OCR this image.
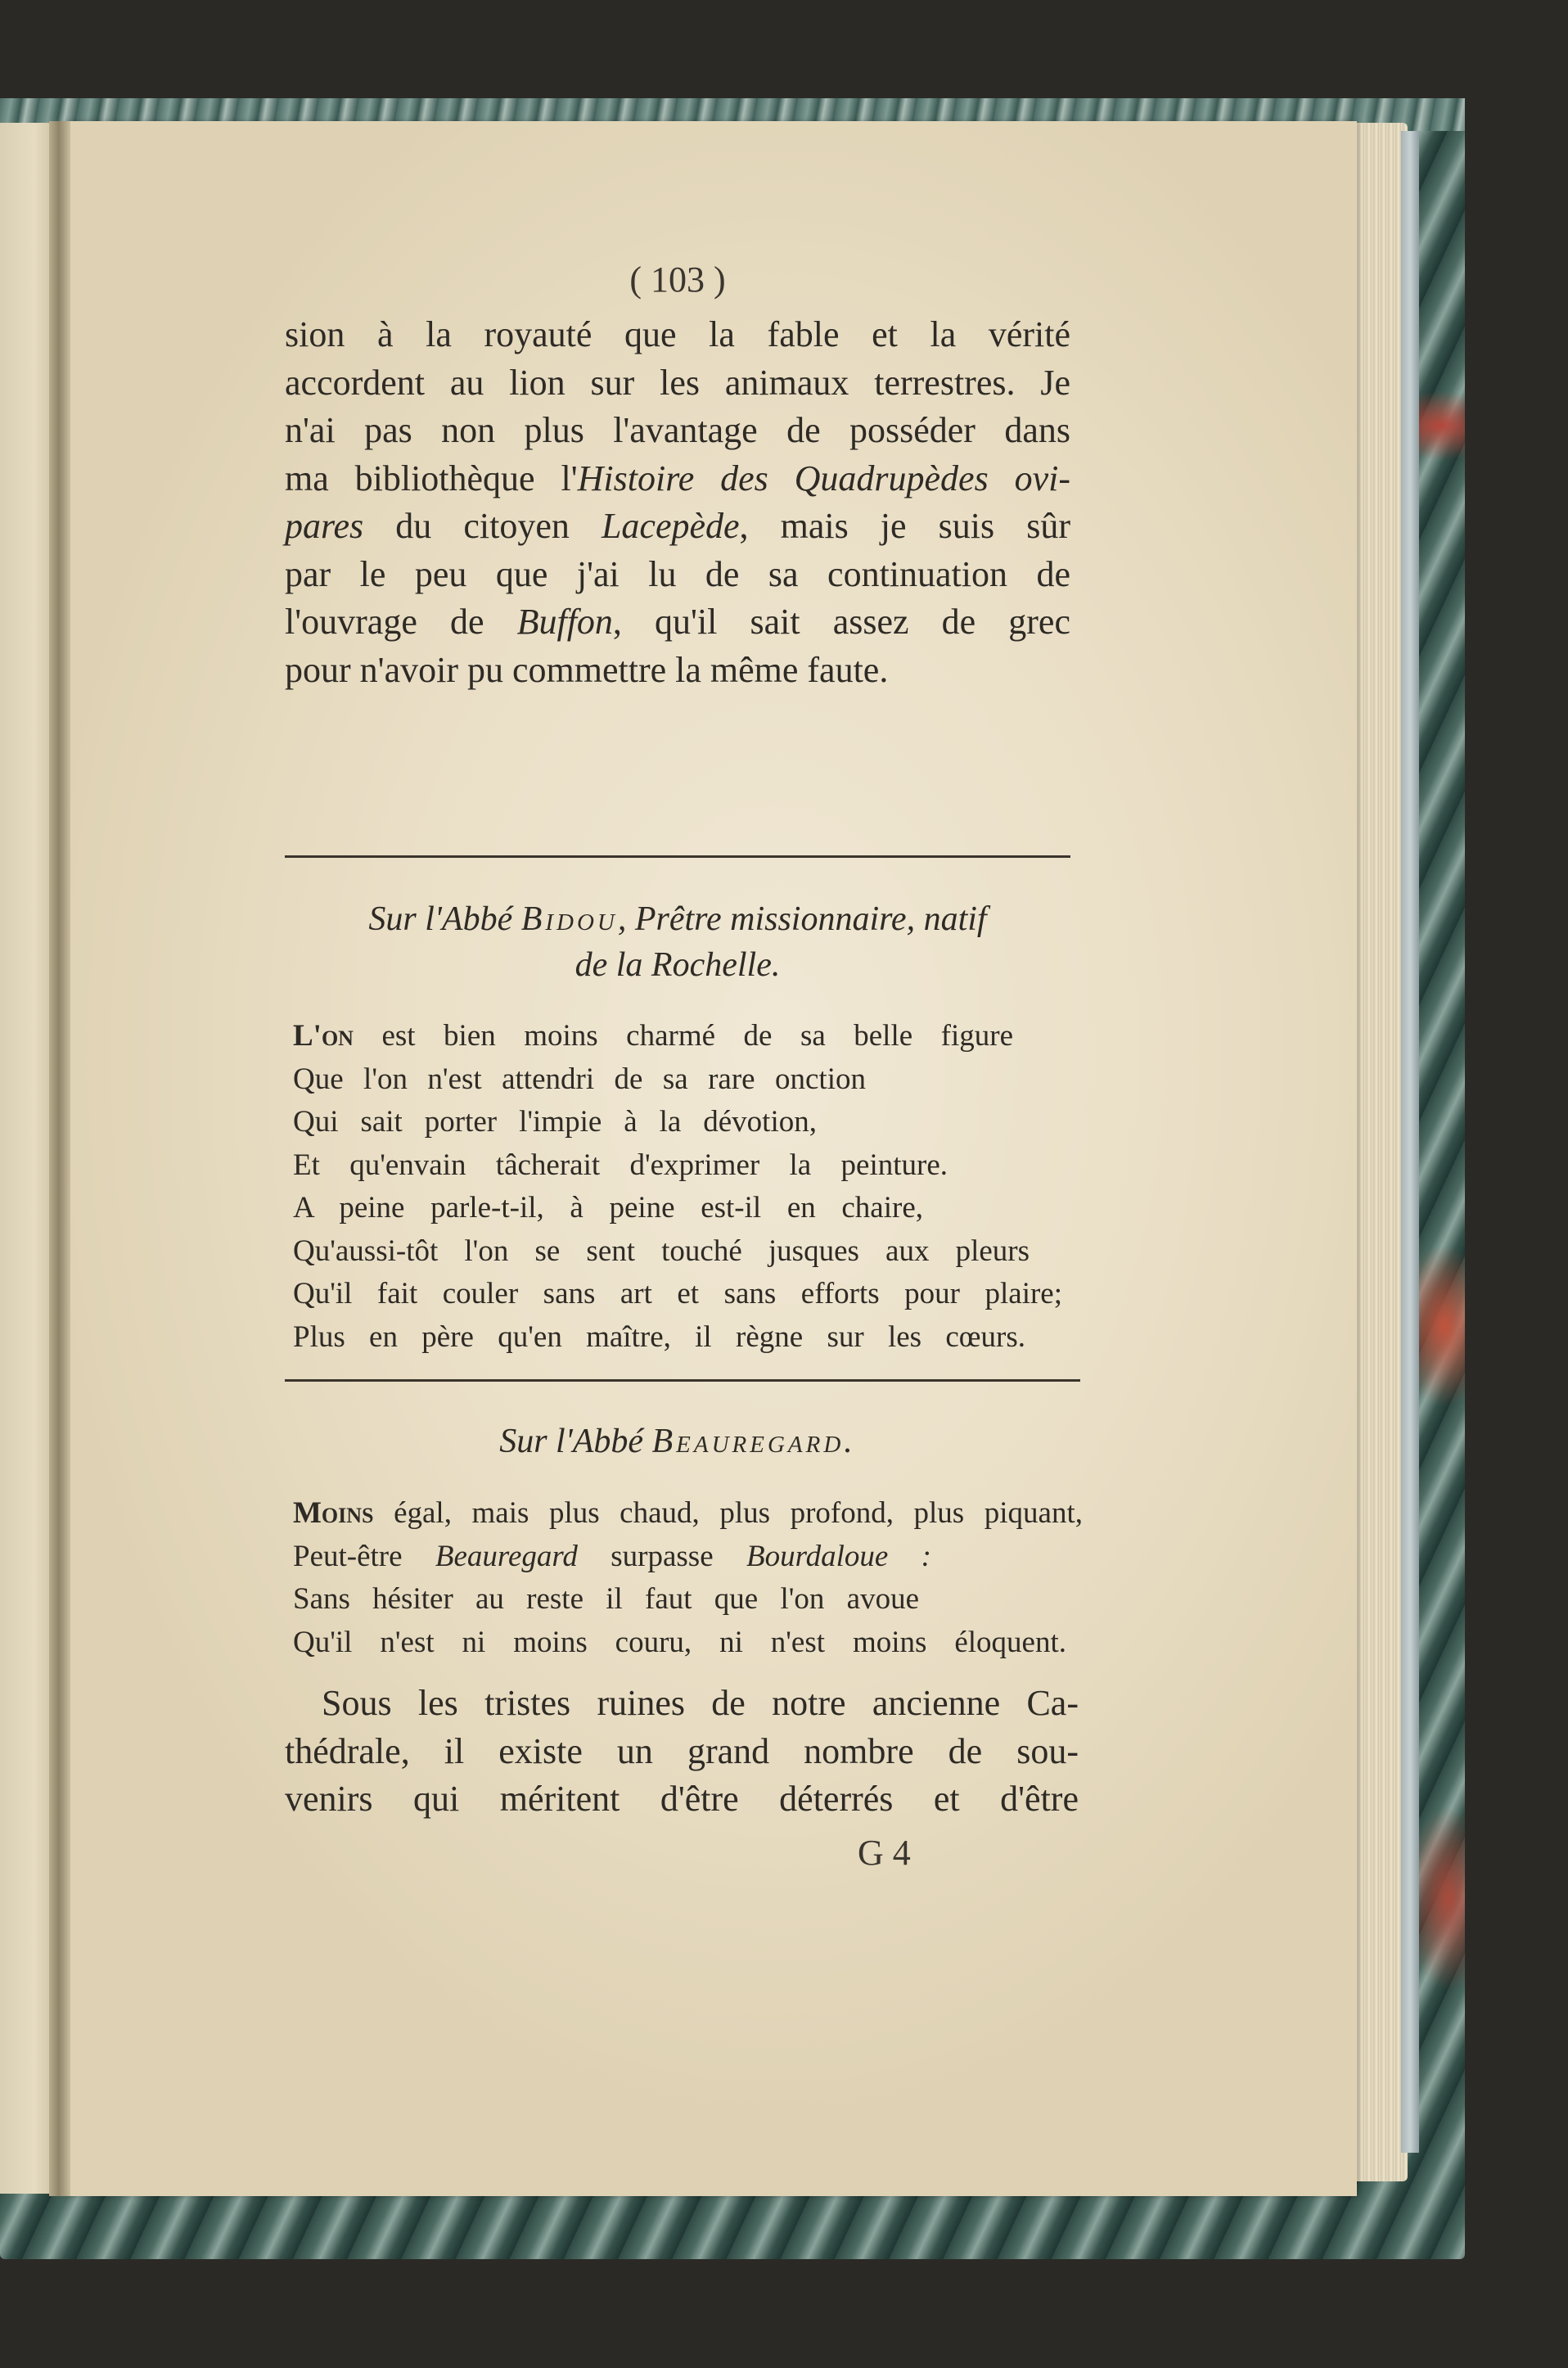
( 103 )
sion à la royauté que la fable et la vérité
accordent au lion sur les animaux terrestres. Je
n'ai pas non plus l'avantage de posséder dans
ma bibliothèque l'Histoire des Quadrupèdes ovi-
pares du citoyen Lacepède, mais je suis sûr
par le peu que j'ai lu de sa continuation de
l'ouvrage de Buffon, qu'il sait assez de grec
pour n'avoir pu commettre la même faute.
Sur l'Abbé Bidou, Prêtre missionnaire, natif
de la Rochelle.
L'on est bien moins charmé de sa belle figure
Que l'on n'est attendri de sa rare onction
Qui sait porter l'impie à la dévotion,
Et qu'envain tâcherait d'exprimer la peinture.
A peine parle-t-il, à peine est-il en chaire,
Qu'aussi-tôt l'on se sent touché jusques aux pleurs
Qu'il fait couler sans art et sans efforts pour plaire;
Plus en père qu'en maître, il règne sur les cœurs.
Sur l'Abbé Beauregard.
Moins égal, mais plus chaud, plus profond, plus piquant,
Peut-être Beauregard surpasse Bourdaloue :
Sans hésiter au reste il faut que l'on avoue
Qu'il n'est ni moins couru, ni n'est moins éloquent.
Sous les tristes ruines de notre ancienne Ca-
thédrale, il existe un grand nombre de sou-
venirs qui méritent d'être déterrés et d'être
G 4
